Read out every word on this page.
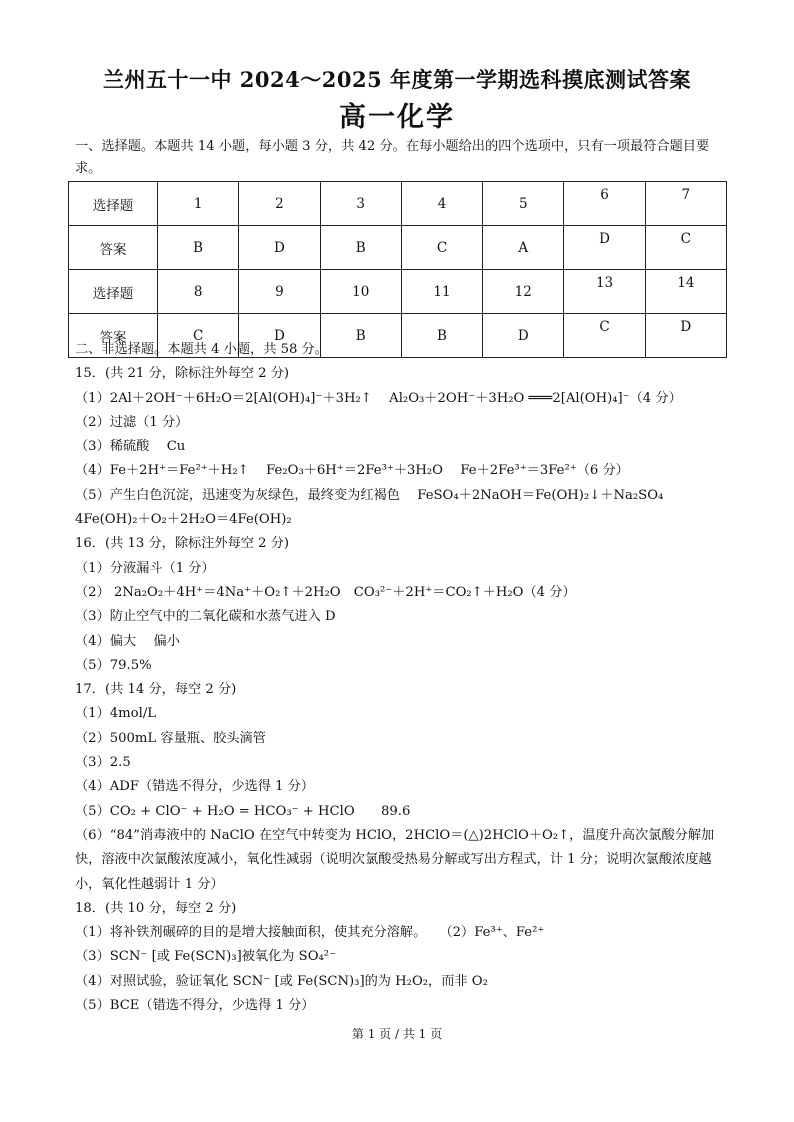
兰州五十一中 2024～2025 年度第一学期选科摸底测试答案
高一化学
一、选择题。本题共 14 小题，每小题 3 分，共 42 分。在每小题给出的四个选项中，只有一项最符合题目要求。
选择题	1	2	3	4	5	6	7
答案	B	D	B	C	A	D	C
选择题	8	9	10	11	12	13	14
答案	C	D	B	B	D	C	D
二、非选择题。本题共 4 小题，共 58 分。
15．(共 21 分，除标注外每空 2 分)
（1）2Al＋2OH⁻＋6H₂O＝2[Al(OH)₄]⁻＋3H₂↑　 Al₂O₃＋2OH⁻＋3H₂O ═══2[Al(OH)₄]⁻（4 分）
（2）过滤（1 分）
（3）稀硫酸　 Cu
（4）Fe＋2H⁺＝Fe²⁺＋H₂↑　 Fe₂O₃＋6H⁺＝2Fe³⁺＋3H₂O　 Fe＋2Fe³⁺＝3Fe²⁺（6 分）
（5）产生白色沉淀，迅速变为灰绿色，最终变为红褐色　 FeSO₄＋2NaOH＝Fe(OH)₂↓＋Na₂SO₄
4Fe(OH)₂＋O₂＋2H₂O＝4Fe(OH)₂
16．(共 13 分，除标注外每空 2 分)
（1）分液漏斗（1 分）
（2） 2Na₂O₂＋4H⁺＝4Na⁺＋O₂↑＋2H₂O　CO₃²⁻＋2H⁺＝CO₂↑＋H₂O（4 分）
（3）防止空气中的二氧化碳和水蒸气进入 D
（4）偏大　 偏小
（5）79.5%
17．(共 14 分，每空 2 分)
（1）4mol/L
（2）500mL 容量瓶、胶头滴管
（3）2.5
（4）ADF（错选不得分，少选得 1 分）
（5）CO₂ + ClO⁻ + H₂O = HCO₃⁻ + HClO　　89.6
（6）“84”消毒液中的 NaClO 在空气中转变为 HClO，2HClO＝(△)2HClO＋O₂↑，温度升高次氯酸分解加快，溶液中次氯酸浓度减小，氧化性减弱（说明次氯酸受热易分解或写出方程式，计 1 分；说明次氯酸浓度越小，氧化性越弱计 1 分）
18．(共 10 分，每空 2 分)
（1）将补铁剂碾碎的目的是增大接触面积，使其充分溶解。　　（2）Fe³⁺、Fe²⁺
（3）SCN⁻ [或 Fe(SCN)₃]被氧化为 SO₄²⁻
（4）对照试验，验证氧化 SCN⁻ [或 Fe(SCN)₃]的为 H₂O₂，而非 O₂
（5）BCE（错选不得分，少选得 1 分）
第 1 页 / 共 1 页
